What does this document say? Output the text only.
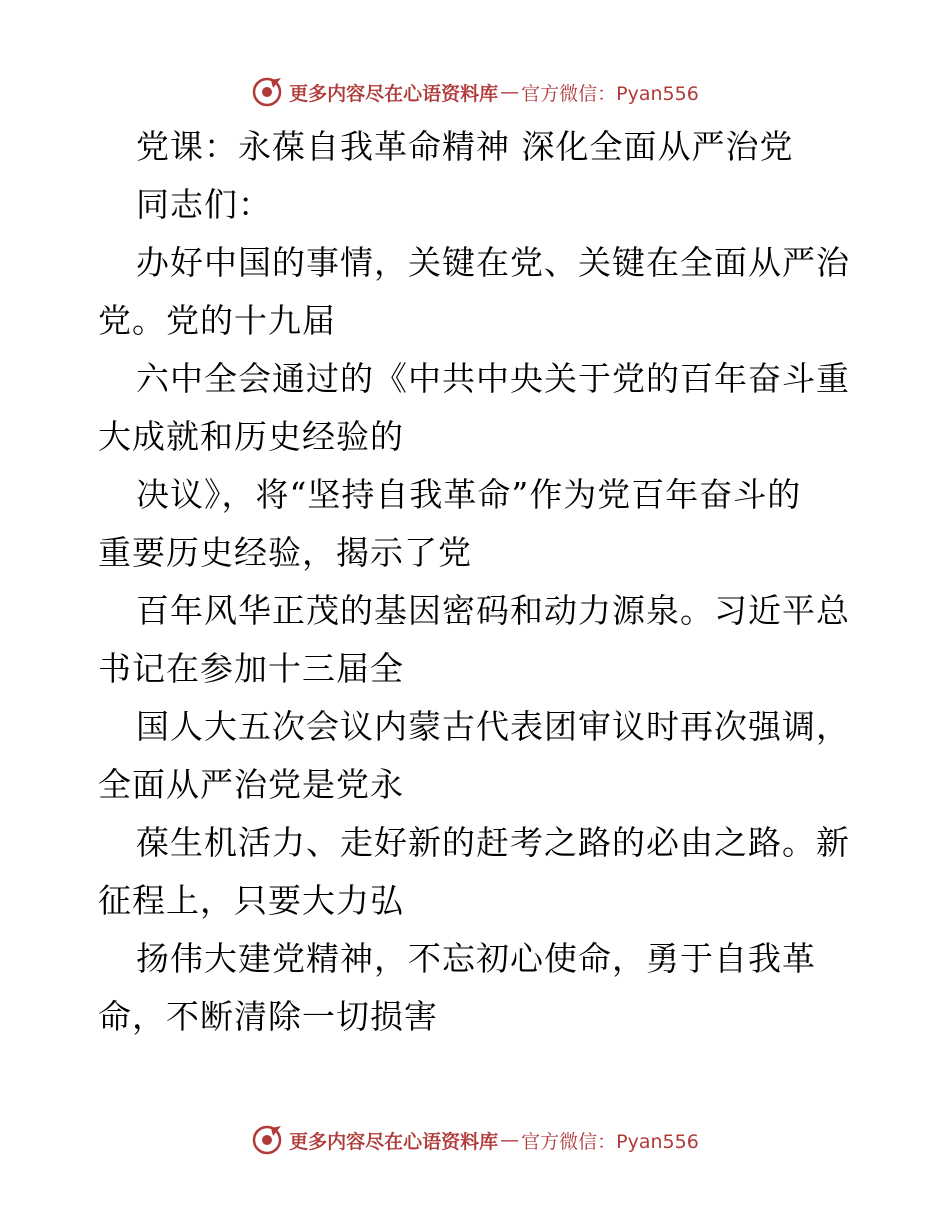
更多内容尽在心语资料库 — 官方微信：Pyan556
党课：永葆自我革命精神 深化全面从严治党
同志们：
办好中国的事情，关键在党、关键在全面从严治
党。党的十九届
六中全会通过的《中共中央关于党的百年奋斗重
大成就和历史经验的
决议》，将“坚持自我革命”作为党百年奋斗的
重要历史经验，揭示了党
百年风华正茂的基因密码和动力源泉。习近平总
书记在参加十三届全
国人大五次会议内蒙古代表团审议时再次强调，
全面从严治党是党永
葆生机活力、走好新的赶考之路的必由之路。新
征程上，只要大力弘
扬伟大建党精神，不忘初心使命，勇于自我革
命，不断清除一切损害
更多内容尽在心语资料库 — 官方微信：Pyan556
